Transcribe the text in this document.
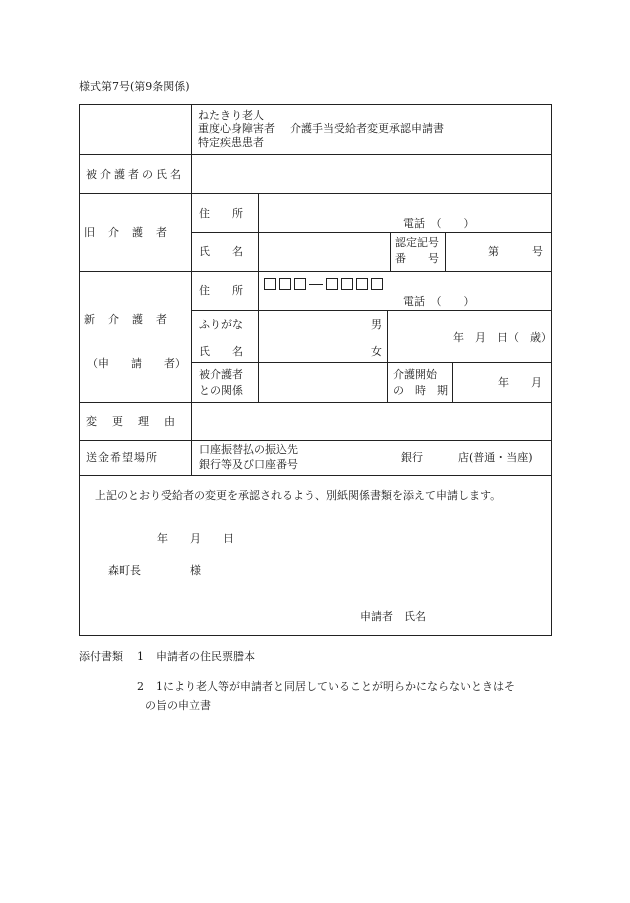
様式第7号(第9条関係)
ねたきり老人
重度心身障害者
特定疾患患者
介護手当受給者変更承認申請書
被介護者の氏名
旧　介　護　者
住　　所
電話　（　　）
氏　　名
認定記号
番　　号
第　　　号
新　介　護　者
（申　　請　　者）
住　　所
電話　（　　）
ふりがな
氏　　名
男
女
年　月　日（　歳）
被介護者
との関係
介護開始
の　時　期
年　　月
変　更　理　由
送金希望場所
口座振替払の振込先
銀行等及び口座番号
銀行	店(普通・当座)
上記のとおり受給者の変更を承認されるよう、別紙関係書類を添えて申請します。
年　　月　　日
森町長	様
申請者　氏名
添付書類 1 申請者の住民票謄本
2 1により老人等が申請者と同居していることが明らかにならないときはそ
の旨の申立書
